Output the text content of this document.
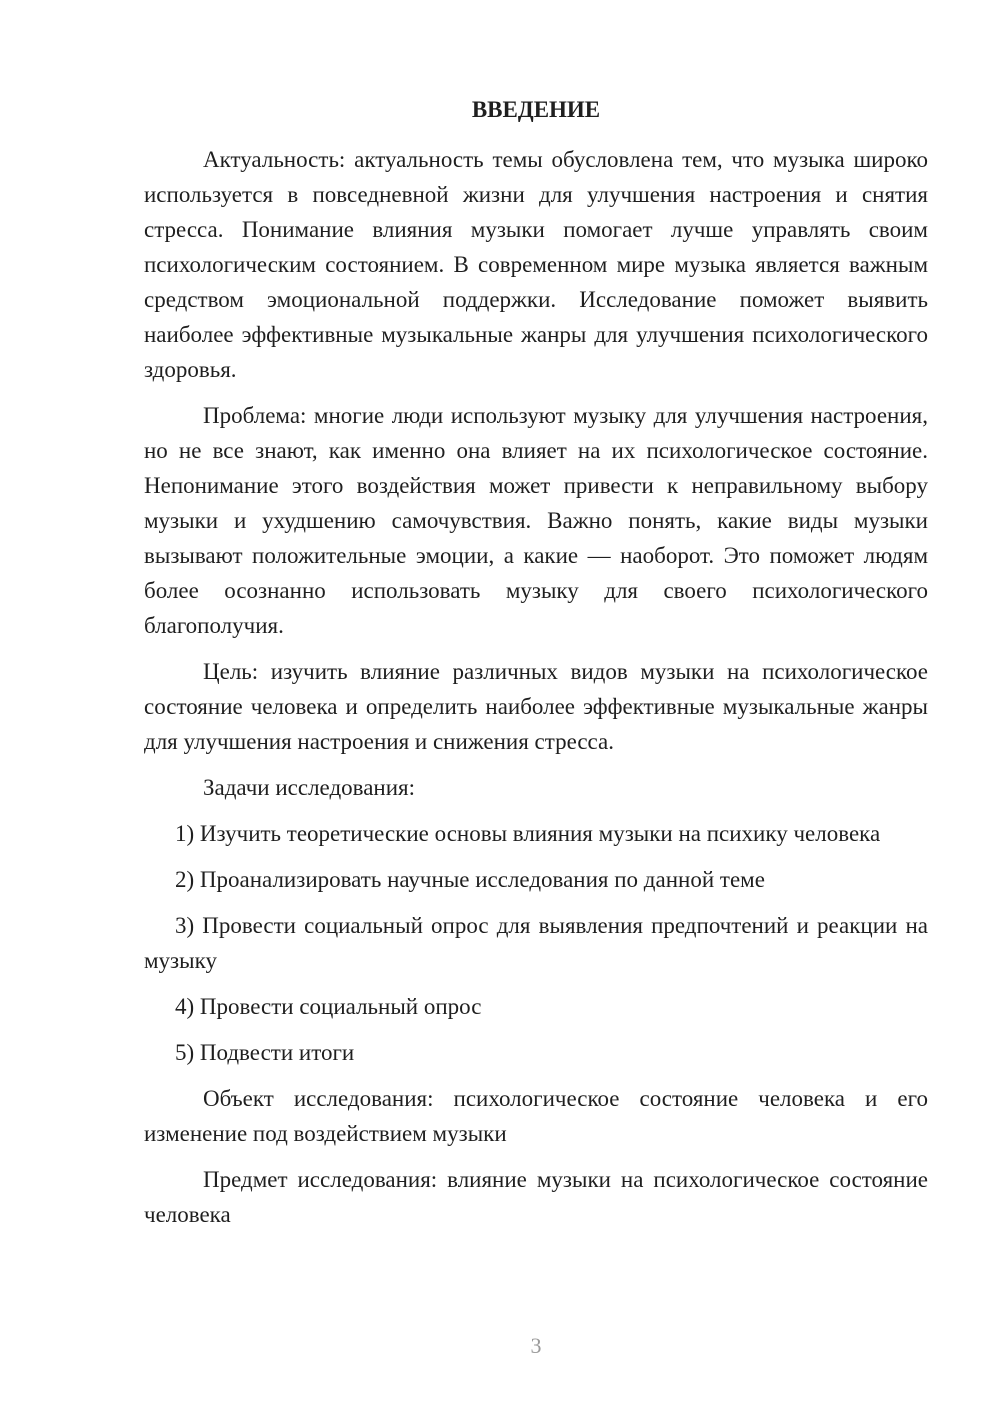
ВВЕДЕНИЕ

Актуальность: актуальность темы обусловлена тем, что музыка широко используется в повседневной жизни для улучшения настроения и снятия стресса. Понимание влияния музыки помогает лучше управлять своим психологическим состоянием. В современном мире музыка является важным средством эмоциональной поддержки. Исследование поможет выявить наиболее эффективные музыкальные жанры для улучшения психологического здоровья.

Проблема: многие люди используют музыку для улучшения настроения, но не все знают, как именно она влияет на их психологическое состояние. Непонимание этого воздействия может привести к неправильному выбору музыки и ухудшению самочувствия. Важно понять, какие виды музыки вызывают положительные эмоции, а какие — наоборот. Это поможет людям более осознанно использовать музыку для своего психологического благополучия.

Цель: изучить влияние различных видов музыки на психологическое состояние человека и определить наиболее эффективные музыкальные жанры для улучшения настроения и снижения стресса.

Задачи исследования:

1) Изучить теоретические основы влияния музыки на психику человека

2) Проанализировать научные исследования по данной теме

3) Провести социальный опрос для выявления предпочтений и реакции на музыку

4) Провести социальный опрос

5) Подвести итоги

Объект исследования: психологическое состояние человека и его изменение под воздействием музыки

Предмет исследования: влияние музыки на психологическое состояние человека

3
